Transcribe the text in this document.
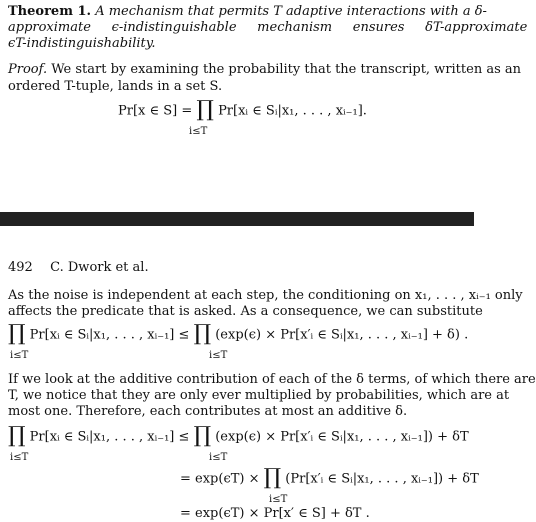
Theorem 1. A mechanism that permits T adaptive interactions with a δ-
approximate     ϵ-indistinguishable     mechanism     ensures     δT-approximate
ϵT-indistinguishability.
Proof. We start by examining the probability that the transcript, written as an
ordered T-tuple, lands in a set S.
Pr[x ∈ S] = ∏ Pr[xᵢ ∈ Sᵢ|x₁, . . . , xᵢ₋₁].
i≤T
492 C. Dwork et al.
As the noise is independent at each step, the conditioning on x₁, . . . , xᵢ₋₁ only
affects the predicate that is asked. As a consequence, we can substitute
∏ Pr[xᵢ ∈ Sᵢ|x₁, . . . , xᵢ₋₁] ≤ ∏ (exp(ϵ) × Pr[x′ᵢ ∈ Sᵢ|x₁, . . . , xᵢ₋₁] + δ) .
i≤T	i≤T
If we look at the additive contribution of each of the δ terms, of which there are
T, we notice that they are only ever multiplied by probabilities, which are at
most one. Therefore, each contributes at most an additive δ.
∏ Pr[xᵢ ∈ Sᵢ|x₁, . . . , xᵢ₋₁] ≤ ∏ (exp(ϵ) × Pr[x′ᵢ ∈ Sᵢ|x₁, . . . , xᵢ₋₁]) + δT
i≤T	i≤T
= exp(ϵT) × ∏ (Pr[x′ᵢ ∈ Sᵢ|x₁, . . . , xᵢ₋₁]) + δT
i≤T
= exp(ϵT) × Pr[x′ ∈ S] + δT .
